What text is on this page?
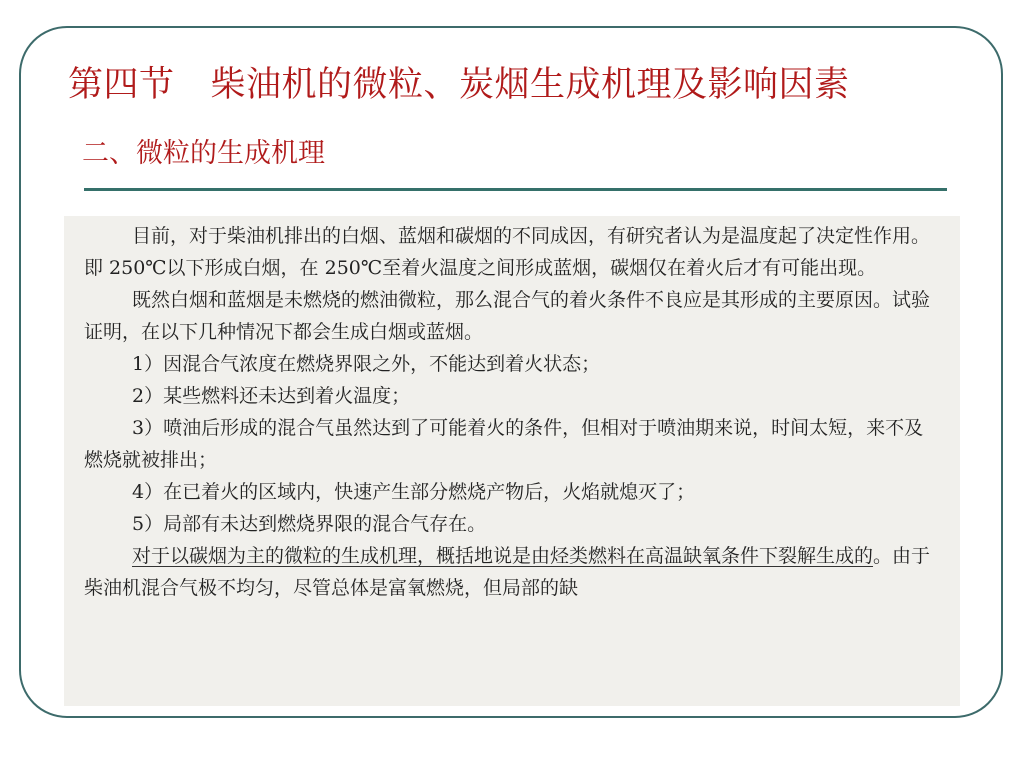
第四节 柴油机的微粒、炭烟生成机理及影响因素
二、微粒的生成机理

目前，对于柴油机排出的白烟、蓝烟和碳烟的不同成因，有研究者认为是温度起了决定性作用。即 250℃以下形成白烟，在 250℃至着火温度之间形成蓝烟，碳烟仅在着火后才有可能出现。

既然白烟和蓝烟是未燃烧的燃油微粒，那么混合气的着火条件不良应是其形成的主要原因。试验证明，在以下几种情况下都会生成白烟或蓝烟。

1）因混合气浓度在燃烧界限之外，不能达到着火状态；

2）某些燃料还未达到着火温度；

3）喷油后形成的混合气虽然达到了可能着火的条件，但相对于喷油期来说，时间太短，来不及燃烧就被排出；

4）在已着火的区域内，快速产生部分燃烧产物后，火焰就熄灭了；

5）局部有未达到燃烧界限的混合气存在。

对于以碳烟为主的微粒的生成机理，概括地说是由烃类燃料在高温缺氧条件下裂解生成的。由于柴油机混合气极不均匀，尽管总体是富氧燃烧，但局部的缺
